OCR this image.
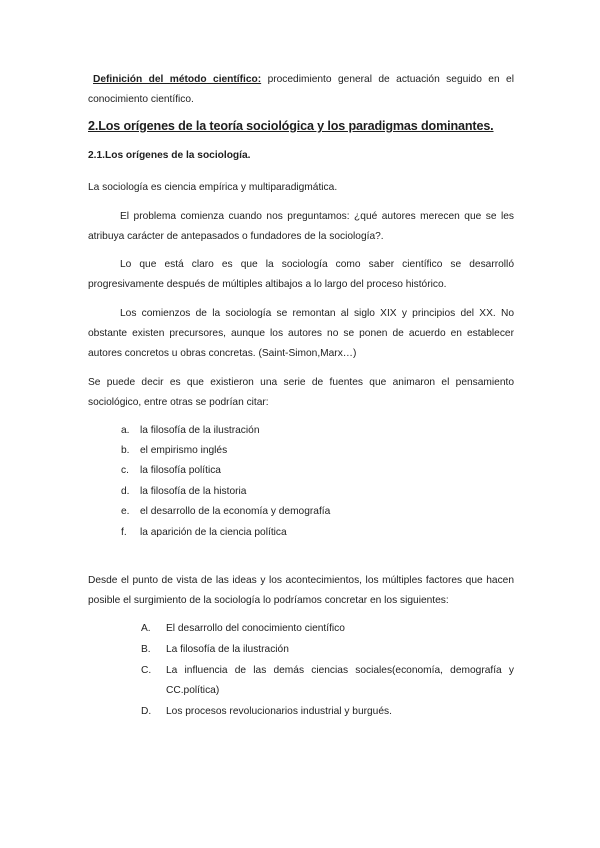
Definición del método científico: procedimiento general de actuación seguido en el conocimiento científico.

2.Los orígenes de la teoría sociológica y los paradigmas dominantes.
2.1.Los orígenes de la sociología.

La sociología es ciencia empírica y multiparadigmática.

El problema comienza cuando nos preguntamos: ¿qué autores merecen que se les atribuya carácter de antepasados o fundadores de la sociología?.

Lo que está claro es que la sociología como saber científico se desarrolló progresivamente después de múltiples altibajos a lo largo del proceso histórico.

Los comienzos de la sociología se remontan al siglo XIX y principios del XX. No obstante existen precursores, aunque los autores no se ponen de acuerdo en establecer autores concretos u obras concretas. (Saint-Simon,Marx…)

Se puede decir es que existieron una serie de fuentes que animaron el pensamiento sociológico, entre otras se podrían citar:

a. la filosofía de la ilustración
b. el empirismo inglés
c. la filosofía política
d. la filosofía de la historia
e. el desarrollo de la economía y demografía
f. la aparición de la ciencia política

Desde el punto de vista de las ideas y los acontecimientos, los múltiples factores que hacen posible el surgimiento de la sociología lo podríamos concretar en los siguientes:

A. El desarrollo del conocimiento científico
B. La filosofía de la ilustración
C. La influencia de las demás ciencias sociales(economía, demografía y CC.política)
D. Los procesos revolucionarios industrial y burgués.
